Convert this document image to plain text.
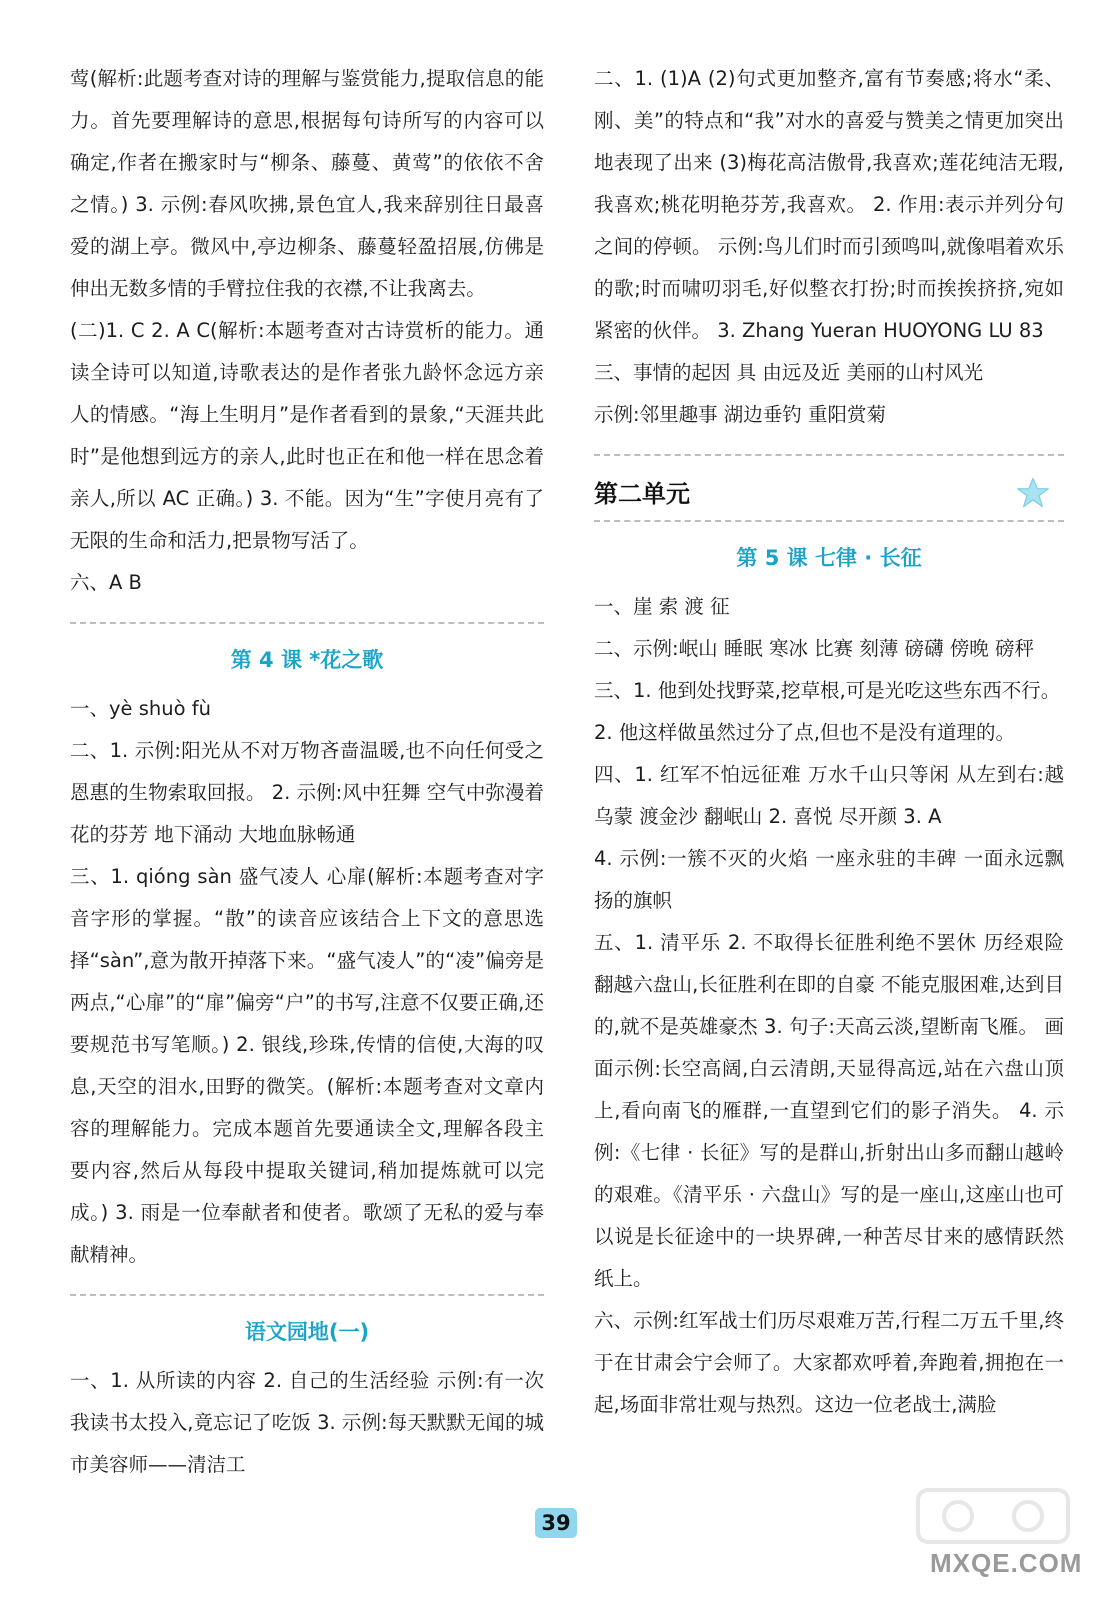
莺(解析:此题考查对诗的理解与鉴赏能力,提取信息的能力。首先要理解诗的意思,根据每句诗所写的内容可以确定,作者在搬家时与“柳条、藤蔓、黄莺”的依依不舍之情。) 3. 示例:春风吹拂,景色宜人,我来辞别往日最喜爱的湖上亭。微风中,亭边柳条、藤蔓轻盈招展,仿佛是伸出无数多情的手臂拉住我的衣襟,不让我离去。

(二)1. C 2. A C(解析:本题考查对古诗赏析的能力。通读全诗可以知道,诗歌表达的是作者张九龄怀念远方亲人的情感。“海上生明月”是作者看到的景象,“天涯共此时”是他想到远方的亲人,此时也正在和他一样在思念着亲人,所以 AC 正确。) 3. 不能。因为“生”字使月亮有了无限的生命和活力,把景物写活了。

六、A B

第 4 课 *花之歌

一、yè shuò fù

二、1. 示例:阳光从不对万物吝啬温暖,也不向任何受之恩惠的生物索取回报。 2. 示例:风中狂舞 空气中弥漫着花的芬芳 地下涌动 大地血脉畅通

三、1. qióng sàn 盛气凌人 心扉(解析:本题考查对字音字形的掌握。“散”的读音应该结合上下文的意思选择“sàn”,意为散开掉落下来。“盛气凌人”的“凌”偏旁是两点,“心扉”的“扉”偏旁“户”的书写,注意不仅要正确,还要规范书写笔顺。) 2. 银线,珍珠,传情的信使,大海的叹息,天空的泪水,田野的微笑。(解析:本题考查对文章内容的理解能力。完成本题首先要通读全文,理解各段主要内容,然后从每段中提取关键词,稍加提炼就可以完成。) 3. 雨是一位奉献者和使者。歌颂了无私的爱与奉献精神。

语文园地(一)

一、1. 从所读的内容 2. 自己的生活经验 示例:有一次我读书太投入,竟忘记了吃饭 3. 示例:每天默默无闻的城市美容师——清洁工

二、1. (1)A (2)句式更加整齐,富有节奏感;将水“柔、刚、美”的特点和“我”对水的喜爱与赞美之情更加突出地表现了出来 (3)梅花高洁傲骨,我喜欢;莲花纯洁无瑕,我喜欢;桃花明艳芬芳,我喜欢。 2. 作用:表示并列分句之间的停顿。 示例:鸟儿们时而引颈鸣叫,就像唱着欢乐的歌;时而啸叨羽毛,好似整衣打扮;时而挨挨挤挤,宛如紧密的伙伴。 3. Zhang Yueran HUOYONG LU 83

三、事情的起因 具 由远及近 美丽的山村风光

示例:邻里趣事 湖边垂钓 重阳赏菊

第二单元
第 5 课 七律 · 长征

一、崖 索 渡 征

二、示例:岷山 睡眠 寒冰 比赛 刻薄 磅礴 傍晚 磅秤

三、1. 他到处找野菜,挖草根,可是光吃这些东西不行。

2. 他这样做虽然过分了点,但也不是没有道理的。

四、1. 红军不怕远征难 万水千山只等闲 从左到右:越乌蒙 渡金沙 翻岷山 2. 喜悦 尽开颜 3. A

4. 示例:一簇不灭的火焰 一座永驻的丰碑 一面永远飘扬的旗帜

五、1. 清平乐 2. 不取得长征胜利绝不罢休 历经艰险翻越六盘山,长征胜利在即的自豪 不能克服困难,达到目的,就不是英雄豪杰 3. 句子:天高云淡,望断南飞雁。 画面示例:长空高阔,白云清朗,天显得高远,站在六盘山顶上,看向南飞的雁群,一直望到它们的影子消失。 4. 示例:《七律 · 长征》写的是群山,折射出山多而翻山越岭的艰难。《清平乐 · 六盘山》写的是一座山,这座山也可以说是长征途中的一块界碑,一种苦尽甘来的感情跃然纸上。

六、示例:红军战士们历尽艰难万苦,行程二万五千里,终于在甘肃会宁会师了。大家都欢呼着,奔跑着,拥抱在一起,场面非常壮观与热烈。这边一位老战士,满脸

39
MXQE.COM
